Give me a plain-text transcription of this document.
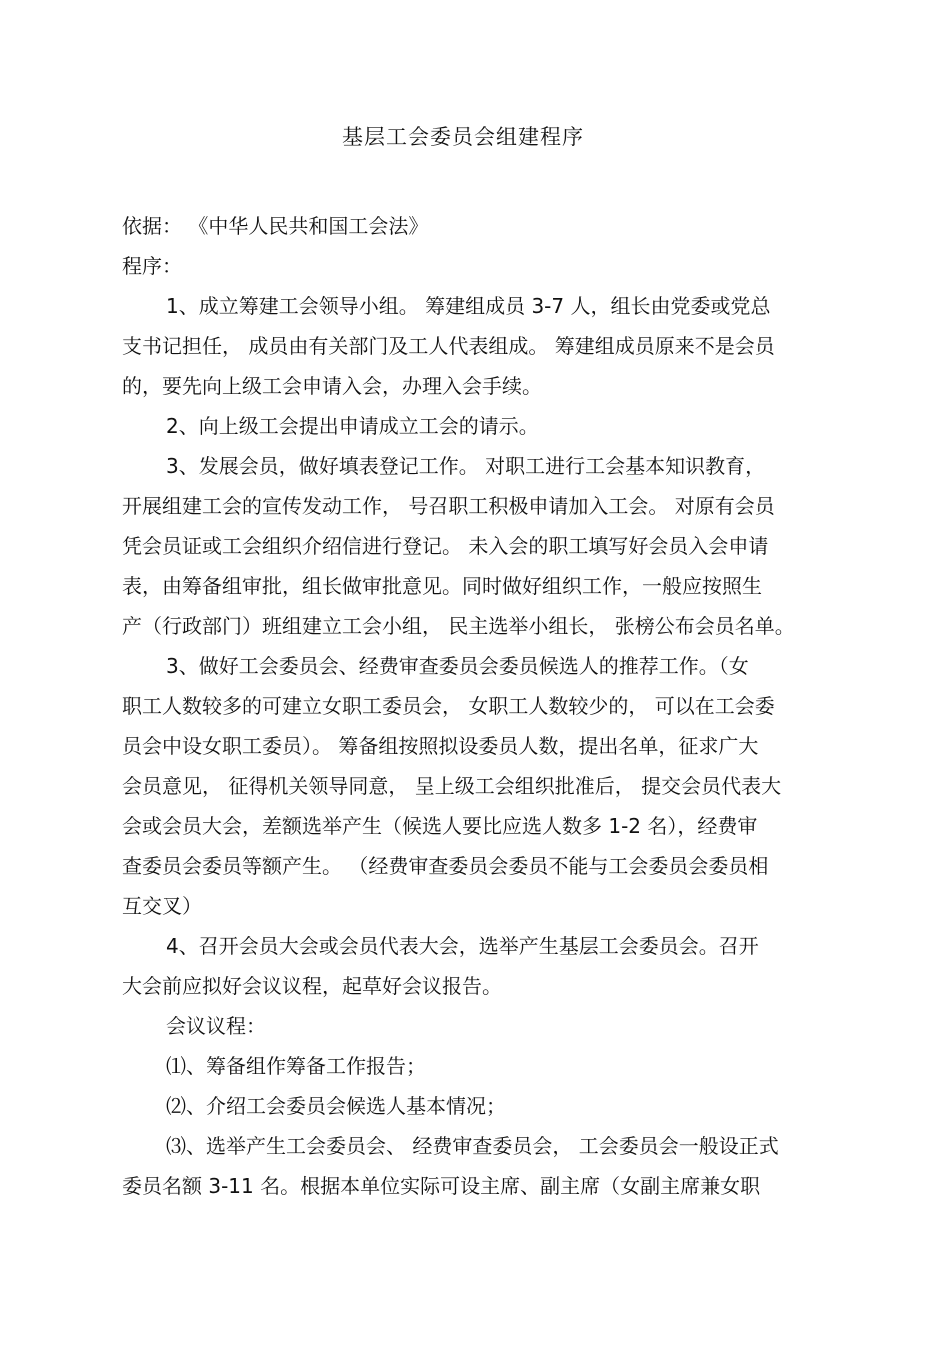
基层工会委员会组建程序

依据： 《中华人民共和国工会法》

程序：

1、成立筹建工会领导小组。 筹建组成员 3-7 人，组长由党委或党总

支书记担任， 成员由有关部门及工人代表组成。 筹建组成员原来不是会员

的，要先向上级工会申请入会，办理入会手续。

2、向上级工会提出申请成立工会的请示。

3、发展会员，做好填表登记工作。 对职工进行工会基本知识教育，

开展组建工会的宣传发动工作， 号召职工积极申请加入工会。 对原有会员

凭会员证或工会组织介绍信进行登记。 未入会的职工填写好会员入会申请

表，由筹备组审批，组长做审批意见。同时做好组织工作，一般应按照生

产（行政部门）班组建立工会小组， 民主选举小组长， 张榜公布会员名单。

3、做好工会委员会、经费审查委员会委员候选人的推荐工作。（女

职工人数较多的可建立女职工委员会， 女职工人数较少的， 可以在工会委

员会中设女职工委员）。 筹备组按照拟设委员人数，提出名单，征求广大

会员意见， 征得机关领导同意， 呈上级工会组织批准后， 提交会员代表大

会或会员大会，差额选举产生（候选人要比应选人数多 1-2 名），经费审

查委员会委员等额产生。 （经费审查委员会委员不能与工会委员会委员相

互交叉）

4、召开会员大会或会员代表大会，选举产生基层工会委员会。召开

大会前应拟好会议议程，起草好会议报告。

会议议程：

⑴、筹备组作筹备工作报告；

⑵、介绍工会委员会候选人基本情况；

⑶、选举产生工会委员会、 经费审查委员会， 工会委员会一般设正式

委员名额 3-11 名。根据本单位实际可设主席、副主席（女副主席兼女职
